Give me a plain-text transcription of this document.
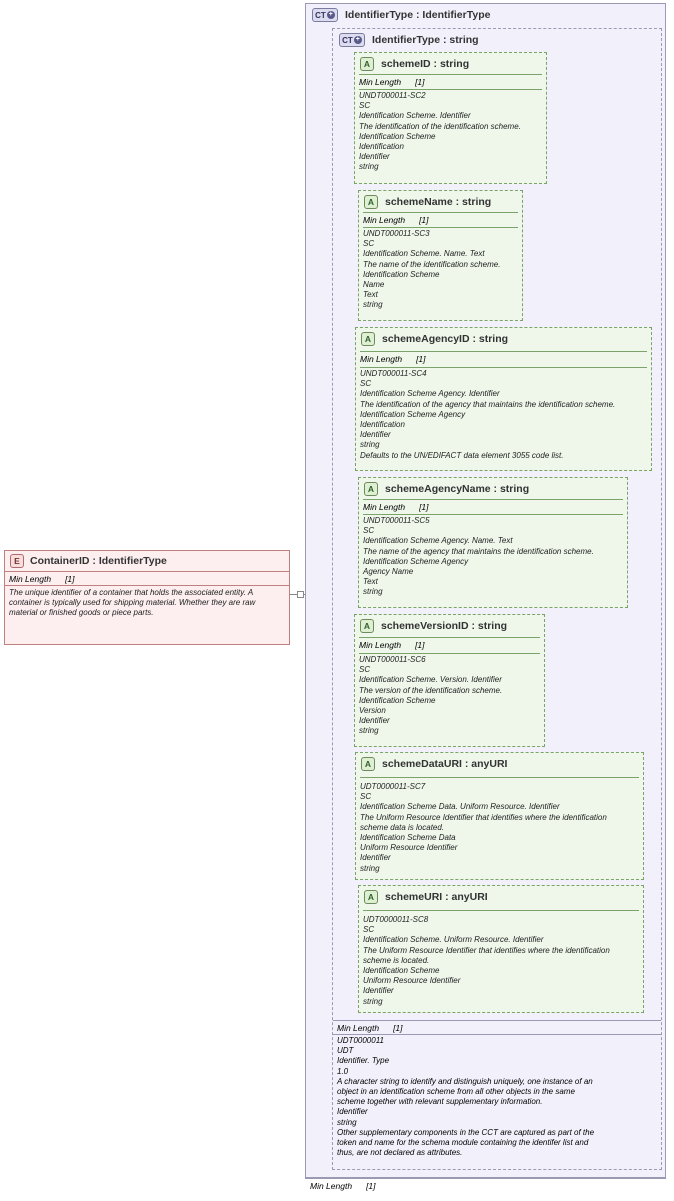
E ContainerID : IdentifierType
Min Length [1]
The unique identifier of a container that holds the associated entity. A container is typically used for shipping material. Whether they are raw material or finished goods or piece parts.
CT + IdentifierType : IdentifierType
CT + IdentifierType : string
A	schemeID : string
Min Length [1]
UNDT000011-SC2
SC
Identification Scheme. Identifier
The identification of the identification scheme.
Identification Scheme
Identification
Identifier
string
A	schemeName : string
Min Length [1]
UNDT000011-SC3
SC
Identification Scheme. Name. Text
The name of the identification scheme.
Identification Scheme
Name
Text
string
A	schemeAgencyID : string
Min Length [1]
UNDT000011-SC4
SC
Identification Scheme Agency. Identifier
The identification of the agency that maintains the identification scheme.
Identification Scheme Agency
Identification
Identifier
string
Defaults to the UN/EDIFACT data element 3055 code list.
A	schemeAgencyName : string
Min Length [1]
UNDT000011-SC5
SC
Identification Scheme Agency. Name. Text
The name of the agency that maintains the identification scheme.
Identification Scheme Agency
Agency Name
Text
string
A	schemeVersionID : string
Min Length [1]
UNDT000011-SC6
SC
Identification Scheme. Version. Identifier
The version of the identification scheme.
Identification Scheme
Version
Identifier
string
A	schemeDataURI : anyURI
UDT0000011-SC7
SC
Identification Scheme Data. Uniform Resource. Identifier
The Uniform Resource Identifier that identifies where the identification
scheme data is located.
Identification Scheme Data
Uniform Resource Identifier
Identifier
string
A	schemeURI : anyURI
UDT0000011-SC8
SC
Identification Scheme. Uniform Resource. Identifier
The Uniform Resource Identifier that identifies where the identification
scheme is located.
Identification Scheme
Uniform Resource Identifier
Identifier
string
Min Length [1]
UDT0000011
UDT
Identifier. Type
1.0
A character string to identify and distinguish uniquely, one instance of an
object in an identification scheme from all other objects in the same
scheme together with relevant supplementary information.
Identifier
string
Other supplementary components in the CCT are captured as part of the
token and name for the schema module containing the identifer list and
thus, are not declared as attributes.
Min Length [1]
